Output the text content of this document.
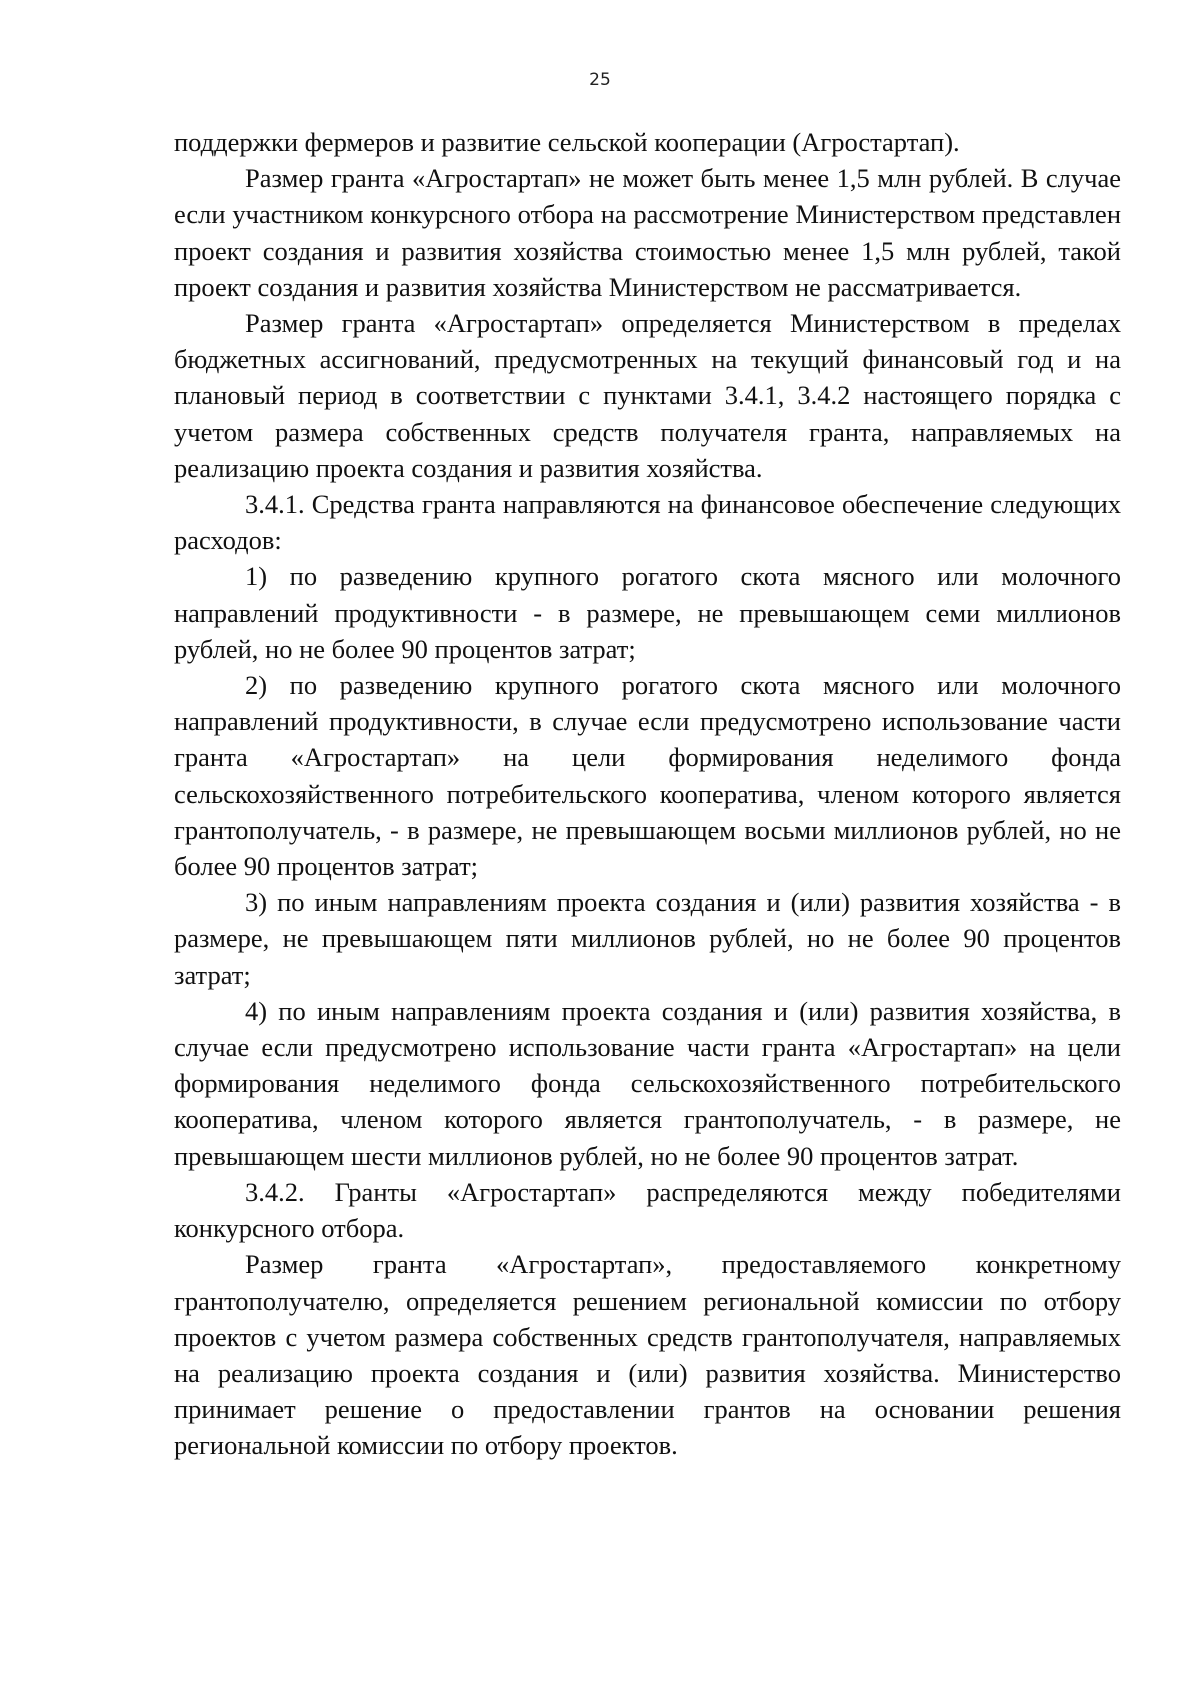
25

поддержки фермеров и развитие сельской кооперации (Агростартап).

Размер гранта «Агростартап» не может быть менее 1,5 млн рублей. В случае если участником конкурсного отбора на рассмотрение Министерством представлен проект создания и развития хозяйства стоимостью менее 1,5 млн рублей, такой проект создания и развития хозяйства Министерством не рассматривается.

Размер гранта «Агростартап» определяется Министерством в пределах бюджетных ассигнований, предусмотренных на текущий финансовый год и на плановый период в соответствии с пунктами 3.4.1, 3.4.2 настоящего порядка с учетом размера собственных средств получателя гранта, направляемых на реализацию проекта создания и развития хозяйства.

3.4.1. Средства гранта направляются на финансовое обеспечение следующих расходов:

1) по разведению крупного рогатого скота мясного или молочного направлений продуктивности - в размере, не превышающем семи миллионов рублей, но не более 90 процентов затрат;

2) по разведению крупного рогатого скота мясного или молочного направлений продуктивности, в случае если предусмотрено использование части гранта «Агростартап» на цели формирования неделимого фонда сельскохозяйственного потребительского кооператива, членом которого является грантополучатель, - в размере, не превышающем восьми миллионов рублей, но не более 90 процентов затрат;

3) по иным направлениям проекта создания и (или) развития хозяйства - в размере, не превышающем пяти миллионов рублей, но не более 90 процентов затрат;

4) по иным направлениям проекта создания и (или) развития хозяйства, в случае если предусмотрено использование части гранта «Агростартап» на цели формирования неделимого фонда сельскохозяйственного потребительского кооператива, членом которого является грантополучатель, - в размере, не превышающем шести миллионов рублей, но не более 90 процентов затрат.

3.4.2. Гранты «Агростартап» распределяются между победителями конкурсного отбора.

Размер гранта «Агростартап», предоставляемого конкретному грантополучателю, определяется решением региональной комиссии по отбору проектов с учетом размера собственных средств грантополучателя, направляемых на реализацию проекта создания и (или) развития хозяйства. Министерство принимает решение о предоставлении грантов на основании решения региональной комиссии по отбору проектов.
